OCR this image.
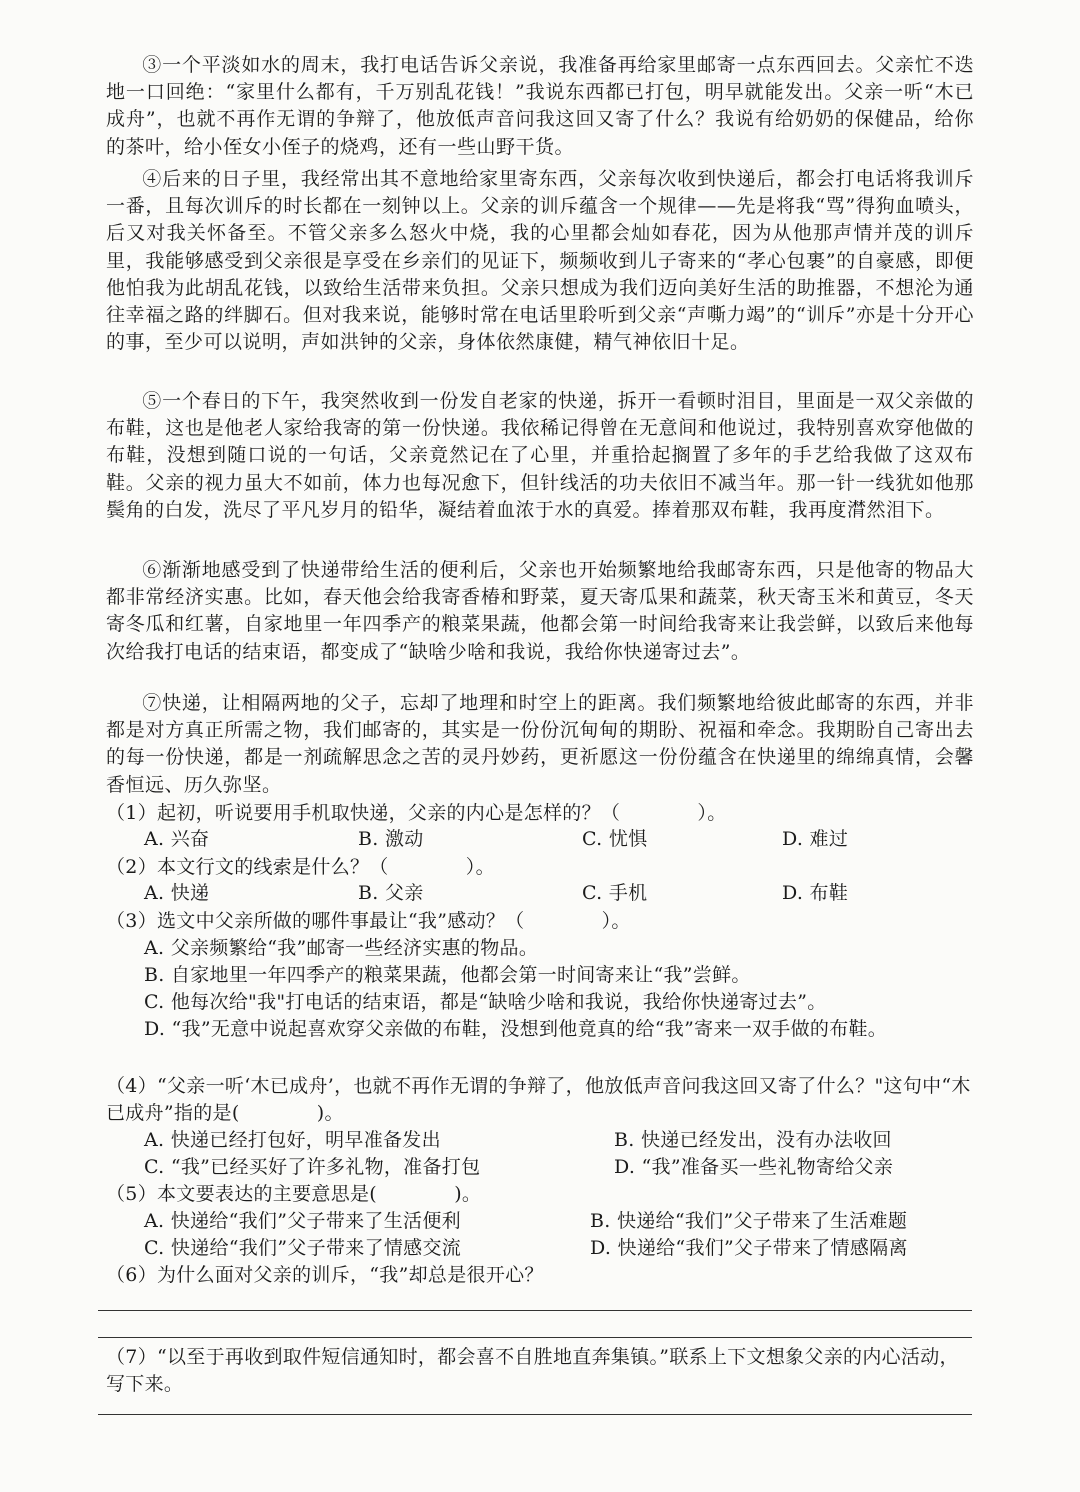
③一个平淡如水的周末，我打电话告诉父亲说，我准备再给家里邮寄一点东西回去。父亲忙不迭地一口回绝：“家里什么都有，千万别乱花钱！”我说东西都已打包，明早就能发出。父亲一听“木已成舟”，也就不再作无谓的争辩了，他放低声音问我这回又寄了什么？我说有给奶奶的保健品，给你的茶叶，给小侄女小侄子的烧鸡，还有一些山野干货。

④后来的日子里，我经常出其不意地给家里寄东西，父亲每次收到快递后，都会打电话将我训斥一番，且每次训斥的时长都在一刻钟以上。父亲的训斥蕴含一个规律——先是将我“骂”得狗血喷头，后又对我关怀备至。不管父亲多么怒火中烧，我的心里都会灿如春花，因为从他那声情并茂的训斥里，我能够感受到父亲很是享受在乡亲们的见证下，频频收到儿子寄来的“孝心包裹”的自豪感，即便他怕我为此胡乱花钱，以致给生活带来负担。父亲只想成为我们迈向美好生活的助推器，不想沦为通往幸福之路的绊脚石。但对我来说，能够时常在电话里聆听到父亲“声嘶力竭”的“训斥”亦是十分开心的事，至少可以说明，声如洪钟的父亲，身体依然康健，精气神依旧十足。

⑤一个春日的下午，我突然收到一份发自老家的快递，拆开一看顿时泪目，里面是一双父亲做的布鞋，这也是他老人家给我寄的第一份快递。我依稀记得曾在无意间和他说过，我特别喜欢穿他做的布鞋，没想到随口说的一句话，父亲竟然记在了心里，并重拾起搁置了多年的手艺给我做了这双布鞋。父亲的视力虽大不如前，体力也每况愈下，但针线活的功夫依旧不减当年。那一针一线犹如他那鬓角的白发，洗尽了平凡岁月的铅华，凝结着血浓于水的真爱。捧着那双布鞋，我再度潸然泪下。

⑥渐渐地感受到了快递带给生活的便利后，父亲也开始频繁地给我邮寄东西，只是他寄的物品大都非常经济实惠。比如，春天他会给我寄香椿和野菜，夏天寄瓜果和蔬菜，秋天寄玉米和黄豆，冬天寄冬瓜和红薯，自家地里一年四季产的粮菜果蔬，他都会第一时间给我寄来让我尝鲜，以致后来他每次给我打电话的结束语，都变成了“缺啥少啥和我说，我给你快递寄过去”。

⑦快递，让相隔两地的父子，忘却了地理和时空上的距离。我们频繁地给彼此邮寄的东西，并非都是对方真正所需之物，我们邮寄的，其实是一份份沉甸甸的期盼、祝福和牵念。我期盼自己寄出去的每一份快递，都是一剂疏解思念之苦的灵丹妙药，更祈愿这一份份蕴含在快递里的绵绵真情，会馨香恒远、历久弥坚。

（1）起初，听说要用手机取快递，父亲的内心是怎样的？（　　　　）。
A. 兴奋	B. 激动	C. 忧惧	D. 难过
（2）本文行文的线索是什么？（　　　　）。
A. 快递	B. 父亲	C. 手机	D. 布鞋
（3）选文中父亲所做的哪件事最让“我”感动？（　　　　）。
A. 父亲频繁给“我”邮寄一些经济实惠的物品。
B. 自家地里一年四季产的粮菜果蔬，他都会第一时间寄来让“我”尝鲜。
C. 他每次给"我"打电话的结束语，都是“缺啥少啥和我说，我给你快递寄过去”。
D. “我”无意中说起喜欢穿父亲做的布鞋，没想到他竟真的给“我”寄来一双手做的布鞋。
（4）“父亲一听‘木已成舟’，也就不再作无谓的争辩了，他放低声音问我这回又寄了什么？"这句中“木已成舟”指的是(　　　　)。
A. 快递已经打包好，明早准备发出	B. 快递已经发出，没有办法收回
C. “我”已经买好了许多礼物，准备打包	D. “我”准备买一些礼物寄给父亲
（5）本文要表达的主要意思是(　　　　)。
A. 快递给“我们”父子带来了生活便利	B. 快递给“我们”父子带来了生活难题
C. 快递给“我们”父子带来了情感交流	D. 快递给“我们”父子带来了情感隔离
（6）为什么面对父亲的训斥，“我”却总是很开心？
（7）“以至于再收到取件短信通知时，都会喜不自胜地直奔集镇。”联系上下文想象父亲的内心活动，写下来。
